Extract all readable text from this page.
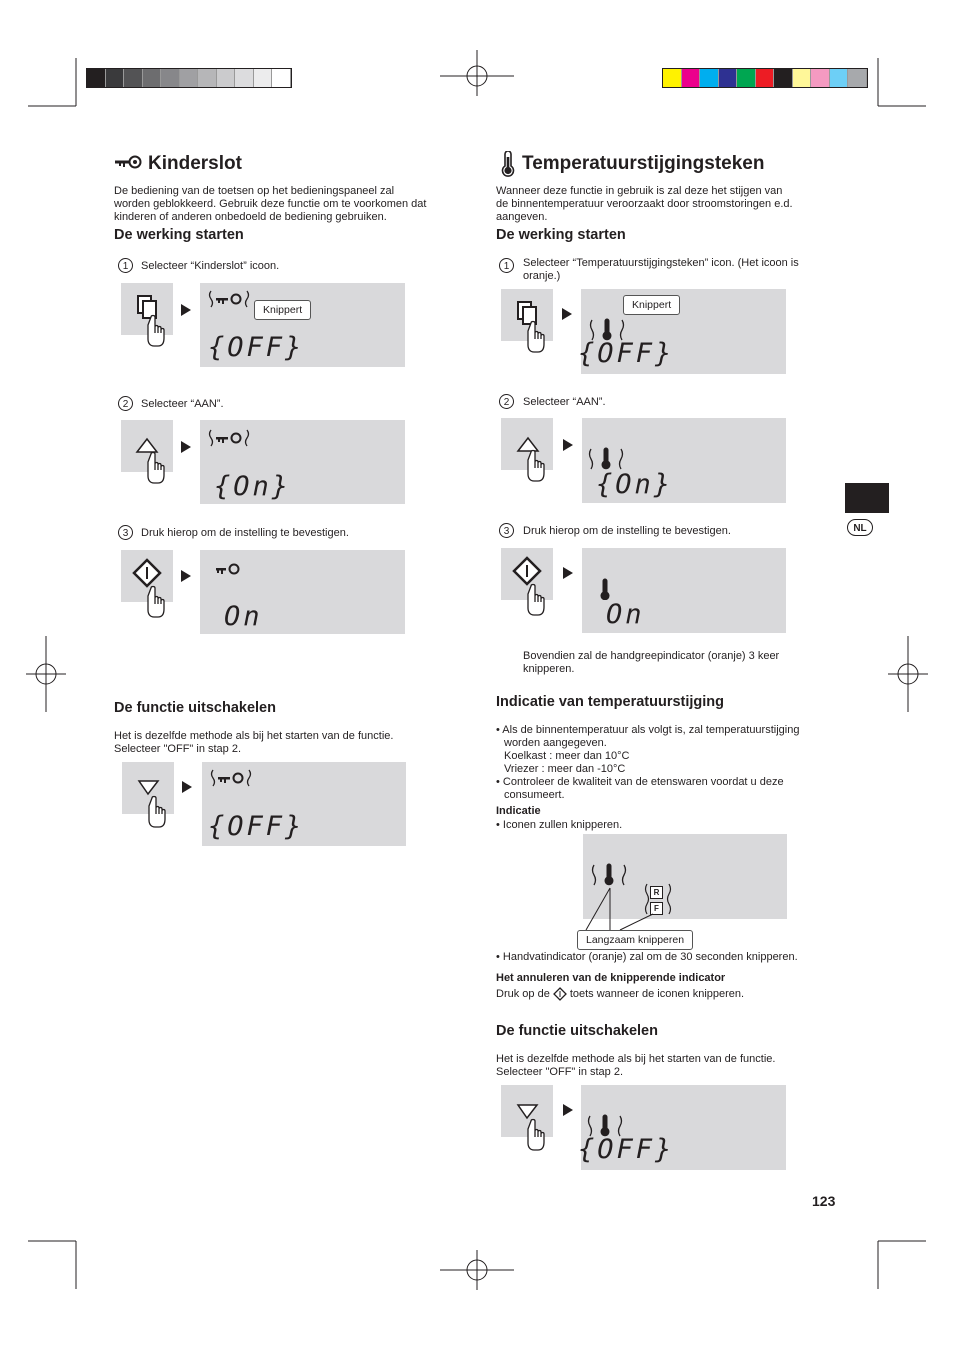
NL
Kinderslot
De bediening van de toetsen op het bedieningspaneel zal
worden geblokkeerd. Gebruik deze functie om te voorkomen dat
kinderen of anderen onbedoeld de bediening gebruiken.
De werking starten
1	Selecteer “Kinderslot” icoon.
{OFF}
Knippert
2	Selecteer “AAN”.
{On}
3	Druk hierop om de instelling te bevestigen.
On
De functie uitschakelen
Het is dezelfde methode als bij het starten van de functie.
Selecteer "OFF" in stap 2.
{OFF}
Temperatuurstijgingsteken
Wanneer deze functie in gebruik is zal deze het stijgen van
de binnentemperatuur veroorzaakt door stroomstoringen e.d.
aangeven.
De werking starten
1	Selecteer “Temperatuurstijgingsteken” icon. (Het icoon is
oranje.)
{OFF}
Knippert
2	Selecteer “AAN”.
{On}
3	Druk hierop om de instelling te bevestigen.
On
Bovendien zal de handgreepindicator (oranje) 3 keer
knipperen.
Indicatie van temperatuurstijging
• Als de binnentemperatuur als volgt is, zal temperatuurstijging
worden aangegeven.
Koelkast : meer dan 10°C
Vriezer : meer dan -10°C
• Controleer de kwaliteit van de etenswaren voordat u deze
consumeert.
Indicatie
• Iconen zullen knipperen.
R
F
Langzaam knipperen
• Handvatindicator (oranje) zal om de 30 seconden knipperen.
Het annuleren van de knipperende indicator
Druk op de toets wanneer de iconen knipperen.
De functie uitschakelen
Het is dezelfde methode als bij het starten van de functie.
Selecteer "OFF" in stap 2.
{OFF}
123
